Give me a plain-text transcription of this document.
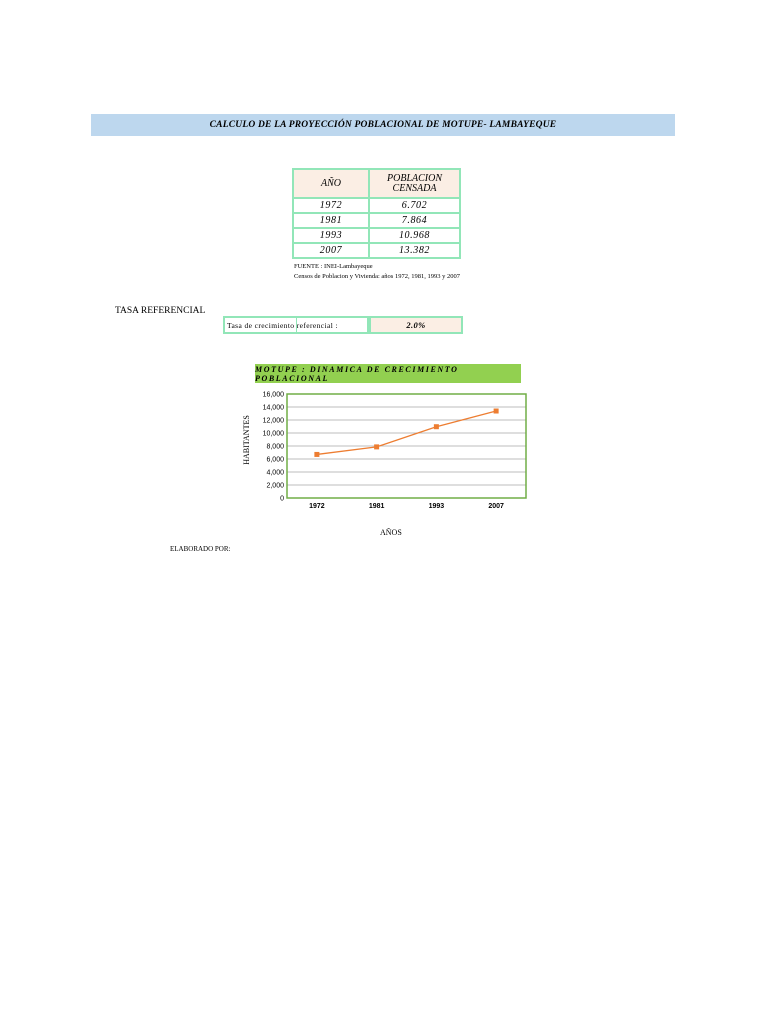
CALCULO DE LA PROYECCIÓN POBLACIONAL DE MOTUPE- LAMBAYEQUE
AÑO	POBLACION
CENSADA
1972	6.702
1981	7.864
1993	10.968
2007	13.382
FUENTE : INEI-Lambayeque
Censos de Poblacion y Vivienda: años 1972, 1981, 1993 y 2007
TASA REFERENCIAL
Tasa de crecimiento referencial :	2.0%
MOTUPE : DINAMICA DE CRECIMIENTO POBLACIONAL
0
2,000
4,000
6,000
8,000
10,000
12,000
14,000
16,000
1972	1981	1993	2007
HABITANTES
AÑOS
ELABORADO POR:
